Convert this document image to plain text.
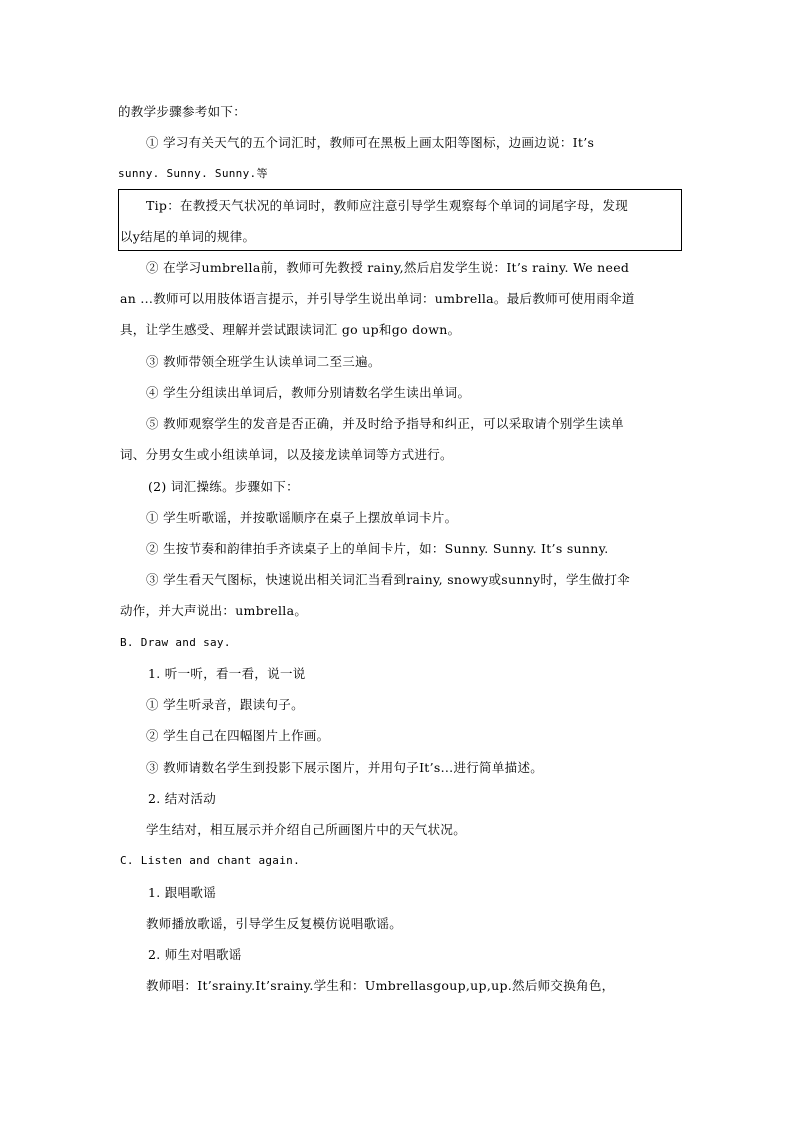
的教学步骤参考如下：
① 学习有关天气的五个词汇时，教师可在黑板上画太阳等图标，边画边说：It’s
sunny. Sunny. Sunny.等
Tip：在教授天气状况的单词时，教师应注意引导学生观察每个单词的词尾字母，发现
以y结尾的单词的规律。
② 在学习umbrella前，教师可先教授 rainy,然后启发学生说：It’s rainy. We need
an ...教师可以用肢体语言提示，并引导学生说出单词：umbrella。最后教师可使用雨伞道
具，让学生感受、理解并尝试跟读词汇 go up和go down。
③ 教师带领全班学生认读单词二至三遍。
④ 学生分组读出单词后，教师分别请数名学生读出单词。
⑤ 教师观察学生的发音是否正确，并及时给予指导和纠正，可以采取请个别学生读单
词、分男女生或小组读单词，以及接龙读单词等方式进行。
(2) 词汇操练。步骤如下：
① 学生听歌谣，并按歌谣顺序在桌子上摆放单词卡片。
② 生按节奏和韵律拍手齐读桌子上的单间卡片，如：Sunny. Sunny. It’s sunny.
③ 学生看天气图标，快速说出相关词汇当看到rainy, snowy或sunny时，学生做打伞
动作，并大声说出：umbrella。
B. Draw and say.
1. 听一听，看一看，说一说
① 学生听录音，跟读句子。
② 学生自己在四幅图片上作画。
③ 教师请数名学生到投影下展示图片，并用句子It’s...进行简单描述。
2. 结对活动
学生结对，相互展示并介绍自己所画图片中的天气状况。
C. Listen and chant again.
1. 跟唱歌谣
教师播放歌谣，引导学生反复模仿说唱歌谣。
2. 师生对唱歌谣
教师唱：It’srainy.It’srainy.学生和：Umbrellasgoup,up,up.然后师交换角色，
